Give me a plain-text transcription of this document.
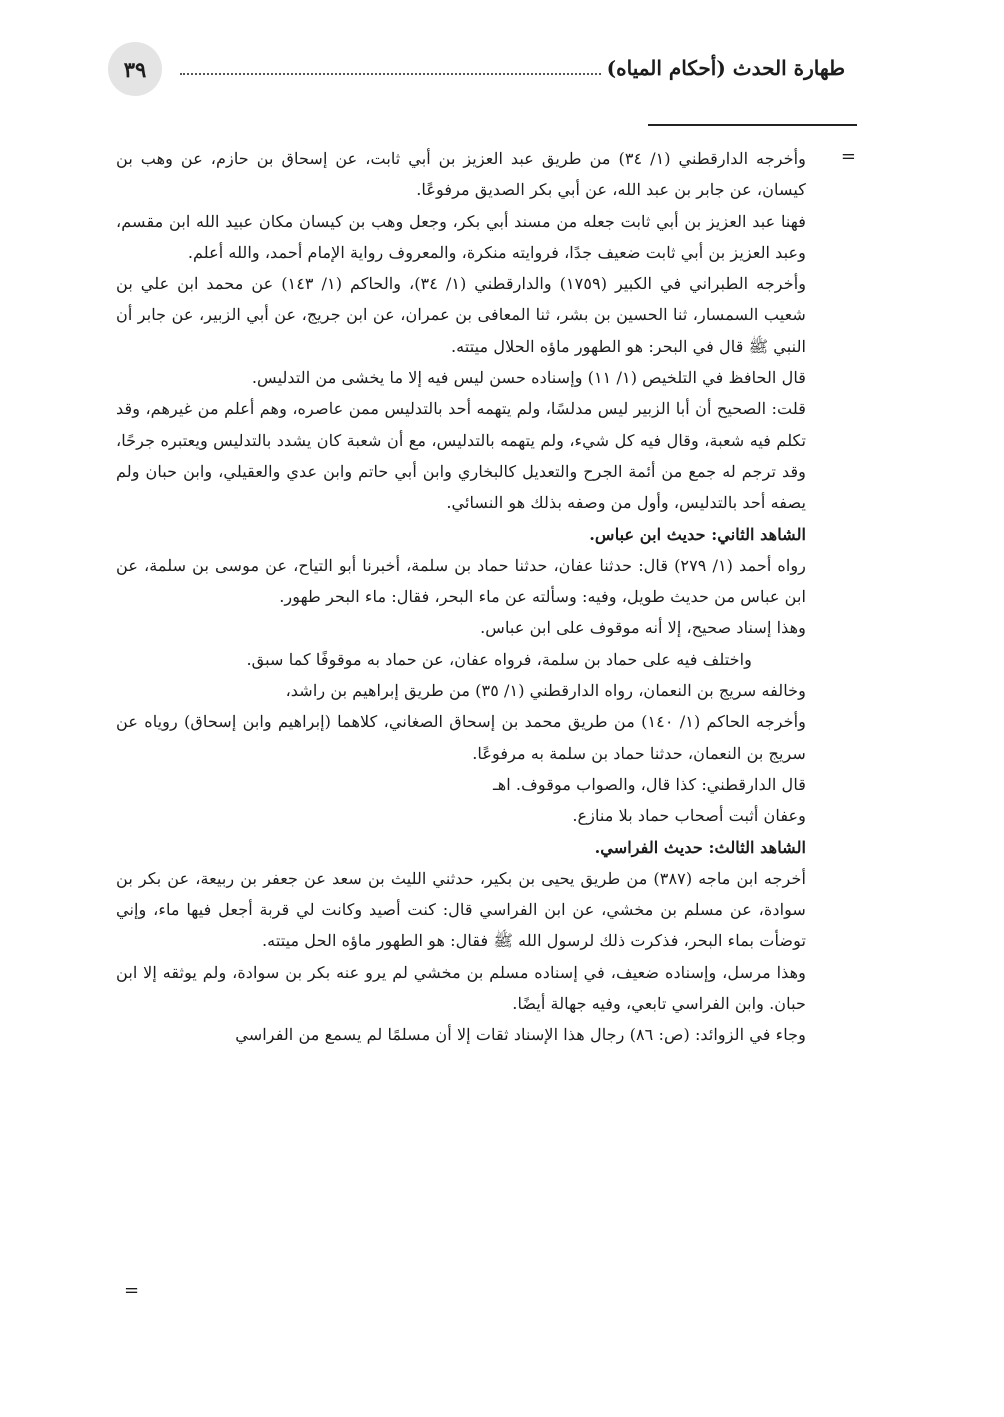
٣٩	طهارة الحدث (أحكام المياه)
=

وأخرجه الدارقطني (١/ ٣٤) من طريق عبد العزيز بن أبي ثابت، عن إسحاق بن حازم، عن وهب بن كيسان، عن جابر بن عبد الله، عن أبي بكر الصديق مرفوعًا.

فهنا عبد العزيز بن أبي ثابت جعله من مسند أبي بكر، وجعل وهب بن كيسان مكان عبيد الله ابن مقسم، وعبد العزيز بن أبي ثابت ضعيف جدًا، فروايته منكرة، والمعروف رواية الإمام أحمد، والله أعلم.

وأخرجه الطبراني في الكبير (١٧٥٩) والدارقطني (١/ ٣٤)، والحاكم (١/ ١٤٣) عن محمد ابن علي بن شعيب السمسار، ثنا الحسين بن بشر، ثنا المعافى بن عمران، عن ابن جريج، عن أبي الزبير، عن جابر أن النبي ﷺ قال في البحر: هو الطهور ماؤه الحلال ميتته.

قال الحافظ في التلخيص (١/ ١١) وإسناده حسن ليس فيه إلا ما يخشى من التدليس.

قلت: الصحيح أن أبا الزبير ليس مدلسًا، ولم يتهمه أحد بالتدليس ممن عاصره، وهم أعلم من غيرهم، وقد تكلم فيه شعبة، وقال فيه كل شيء، ولم يتهمه بالتدليس، مع أن شعبة كان يشدد بالتدليس ويعتبره جرحًا، وقد ترجم له جمع من أئمة الجرح والتعديل كالبخاري وابن أبي حاتم وابن عدي والعقيلي، وابن حبان ولم يصفه أحد بالتدليس، وأول من وصفه بذلك هو النسائي.

الشاهد الثاني: حديث ابن عباس.

رواه أحمد (١/ ٢٧٩) قال: حدثنا عفان، حدثنا حماد بن سلمة، أخبرنا أبو التياح، عن موسى بن سلمة، عن ابن عباس من حديث طويل، وفيه: وسألته عن ماء البحر، فقال: ماء البحر طهور.

وهذا إسناد صحيح، إلا أنه موقوف على ابن عباس.

واختلف فيه على حماد بن سلمة، فرواه عفان، عن حماد به موقوفًا كما سبق.

وخالفه سريج بن النعمان، رواه الدارقطني (١/ ٣٥) من طريق إبراهيم بن راشد،

وأخرجه الحاكم (١/ ١٤٠) من طريق محمد بن إسحاق الصغاني، كلاهما (إبراهيم وابن إسحاق) روياه عن سريج بن النعمان، حدثنا حماد بن سلمة به مرفوعًا.

قال الدارقطني: كذا قال، والصواب موقوف. اهـ

وعفان أثبت أصحاب حماد بلا منازع.

الشاهد الثالث: حديث الفراسي.

أخرجه ابن ماجه (٣٨٧) من طريق يحيى بن بكير، حدثني الليث بن سعد عن جعفر بن ربيعة، عن بكر بن سوادة، عن مسلم بن مخشي، عن ابن الفراسي قال: كنت أصيد وكانت لي قربة أجعل فيها ماء، وإني توضأت بماء البحر، فذكرت ذلك لرسول الله ﷺ فقال: هو الطهور ماؤه الحل ميتته.

وهذا مرسل، وإسناده ضعيف، في إسناده مسلم بن مخشي لم يرو عنه بكر بن سوادة، ولم يوثقه إلا ابن حبان. وابن الفراسي تابعي، وفيه جهالة أيضًا.

وجاء في الزوائد: (ص: ٨٦) رجال هذا الإسناد ثقات إلا أن مسلمًا لم يسمع من الفراسي

=
